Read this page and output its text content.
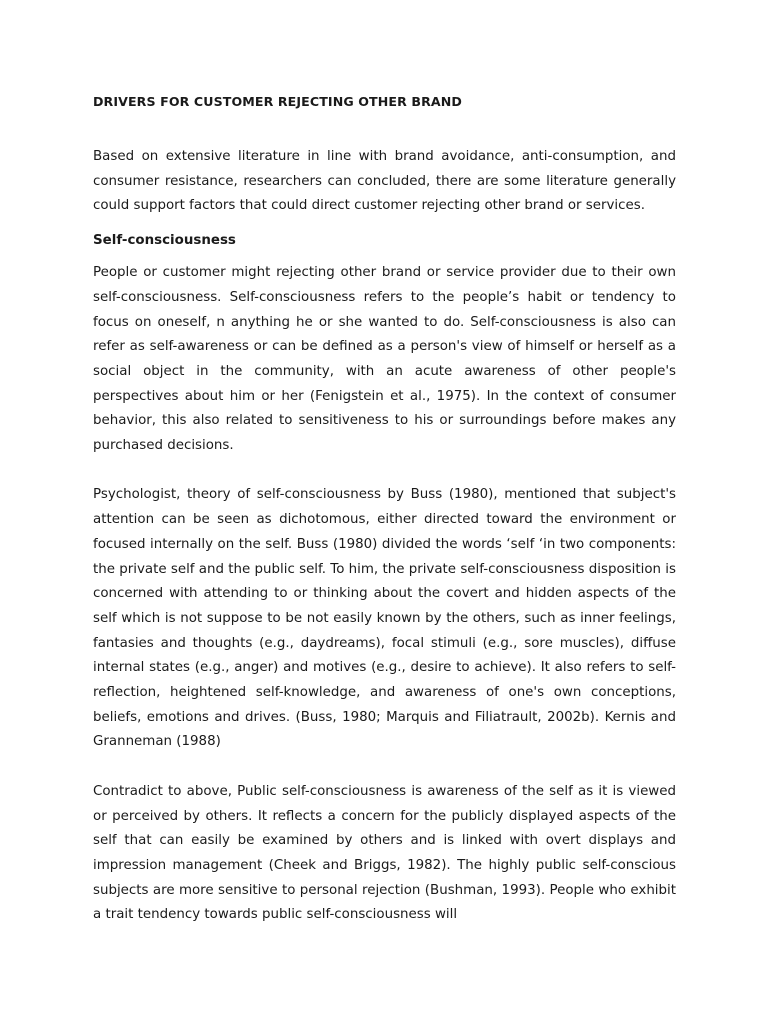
DRIVERS FOR CUSTOMER REJECTING OTHER BRAND

Based on extensive literature in line with brand avoidance, anti-consumption, and consumer resistance, researchers can concluded, there are some literature generally could support factors that could direct customer rejecting other brand or services.

Self-consciousness

People or customer might rejecting other brand or service provider due to their own self-consciousness. Self-consciousness refers to the people’s habit or tendency to focus on oneself, n anything he or she wanted to do. Self-consciousness is also can refer as self-awareness or can be defined as a person's view of himself or herself as a social object in the community, with an acute awareness of other people's perspectives about him or her (Fenigstein et al., 1975). In the context of consumer behavior, this also related to sensitiveness to his or surroundings before makes any purchased decisions.

Psychologist, theory of self-consciousness by Buss (1980), mentioned that subject's attention can be seen as dichotomous, either directed toward the environment or focused internally on the self. Buss (1980) divided the words ‘self ‘in two components: the private self and the public self. To him, the private self-consciousness disposition is concerned with attending to or thinking about the covert and hidden aspects of the self which is not suppose to be not easily known by the others, such as inner feelings, fantasies and thoughts (e.g., daydreams), focal stimuli (e.g., sore muscles), diffuse internal states (e.g., anger) and motives (e.g., desire to achieve). It also refers to self-reflection, heightened self-knowledge, and awareness of one's own conceptions, beliefs, emotions and drives. (Buss, 1980; Marquis and Filiatrault, 2002b). Kernis and Granneman (1988)

Contradict to above, Public self-consciousness is awareness of the self as it is viewed or perceived by others. It reflects a concern for the publicly displayed aspects of the self that can easily be examined by others and is linked with overt displays and impression management (Cheek and Briggs, 1982). The highly public self-conscious subjects are more sensitive to personal rejection (Bushman, 1993). People who exhibit a trait tendency towards public self-consciousness will
